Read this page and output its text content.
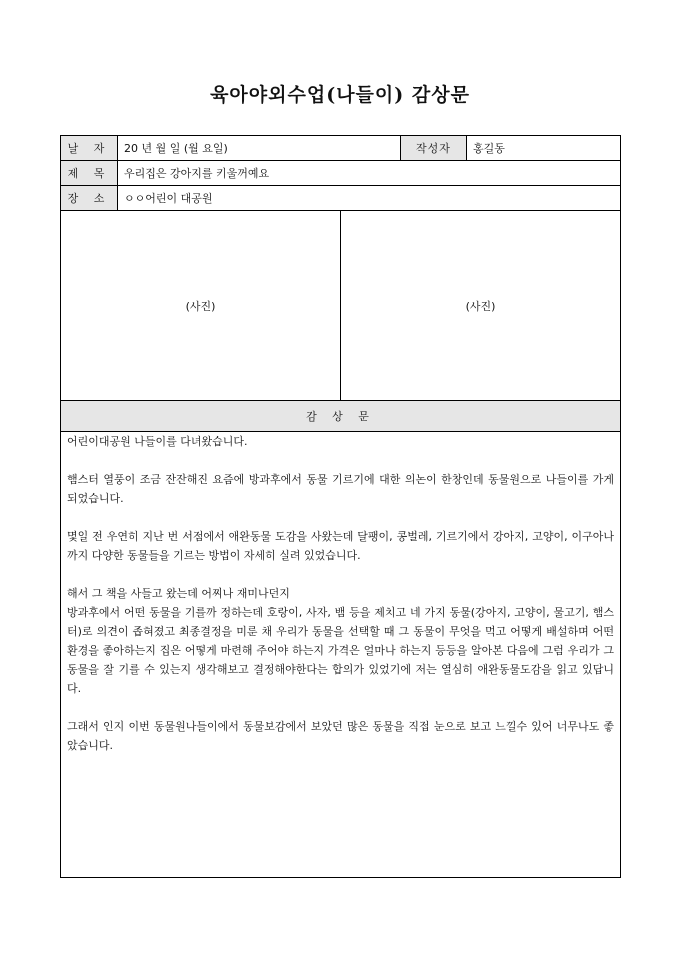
육아야외수업(나들이) 감상문
날 자	20 년 월 일 (월 요일)	작성자	홍길동
제 목	우리집은 강아지를 키울꺼예요
장 소	ㅇㅇ어린이 대공원
(사진)	(사진)
감 상 문

어린이대공원 나들이를 다녀왔습니다.

햄스터 열풍이 조금 잔잔해진 요즘에 방과후에서 동물 기르기에 대한 의논이 한창인데 동물원으로 나들이를 가게 되었습니다.

몇일 전 우연히 지난 번 서점에서 애완동물 도감을 사왔는데 달팽이, 콩벌레, 기르기에서 강아지, 고양이, 이구아나까지 다양한 동물들을 기르는 방법이 자세히 실려 있었습니다.

해서 그 책을 사들고 왔는데 어찌나 재미나던지

방과후에서 어떤 동물을 기를까 정하는데 호랑이, 사자, 뱀 등을 제치고 네 가지 동물(강아지, 고양이, 물고기, 햄스터)로 의견이 좁혀졌고 최종결정을 미룬 채 우리가 동물을 선택할 때 그 동물이 무엇을 먹고 어떻게 배설하며 어떤 환경을 좋아하는지 집은 어떻게 마련해 주어야 하는지 가격은 얼마나 하는지 등등을 알아본 다음에 그럼 우리가 그 동물을 잘 기를 수 있는지 생각해보고 결정해야한다는 합의가 있었기에 저는 열심히 애완동물도감을 읽고 있답니다.

그래서 인지 이번 동물원나들이에서 동물보감에서 보았던 많은 동물을 직접 눈으로 보고 느낄수 있어 너무나도 좋았습니다.
